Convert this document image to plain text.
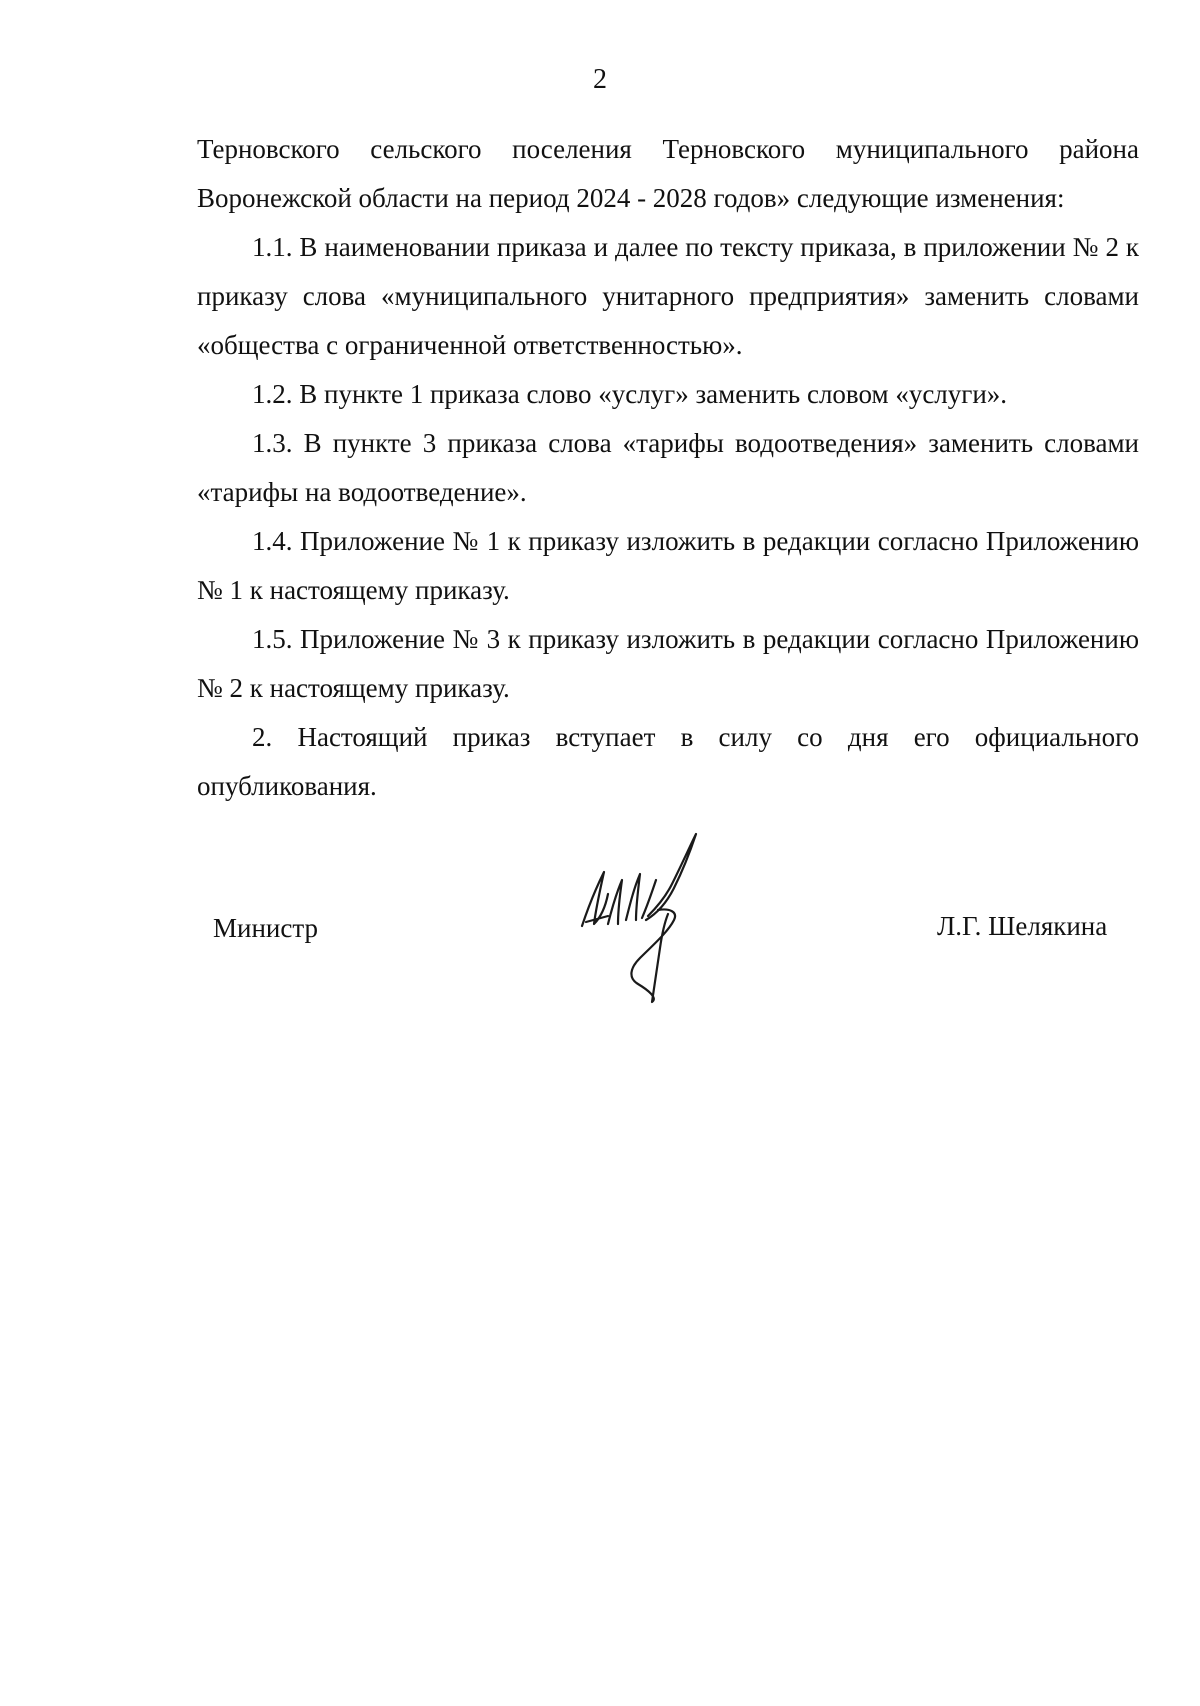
2

Терновского сельского поселения Терновского муниципального района Воронежской области на период 2024 - 2028 годов» следующие изменения:

1.1. В наименовании приказа и далее по тексту приказа, в приложении № 2 к приказу слова «муниципального унитарного предприятия» заменить словами «общества с ограниченной ответственностью».

1.2. В пункте 1 приказа слово «услуг» заменить словом «услуги».

1.3. В пункте 3 приказа слова «тарифы водоотведения» заменить словами «тарифы на водоотведение».

1.4. Приложение № 1 к приказу изложить в редакции согласно Приложению № 1 к настоящему приказу.

1.5. Приложение № 3 к приказу изложить в редакции согласно Приложению № 2 к настоящему приказу.

2. Настоящий приказ вступает в силу со дня его официального опубликования.

Министр	Л.Г. Шелякина
